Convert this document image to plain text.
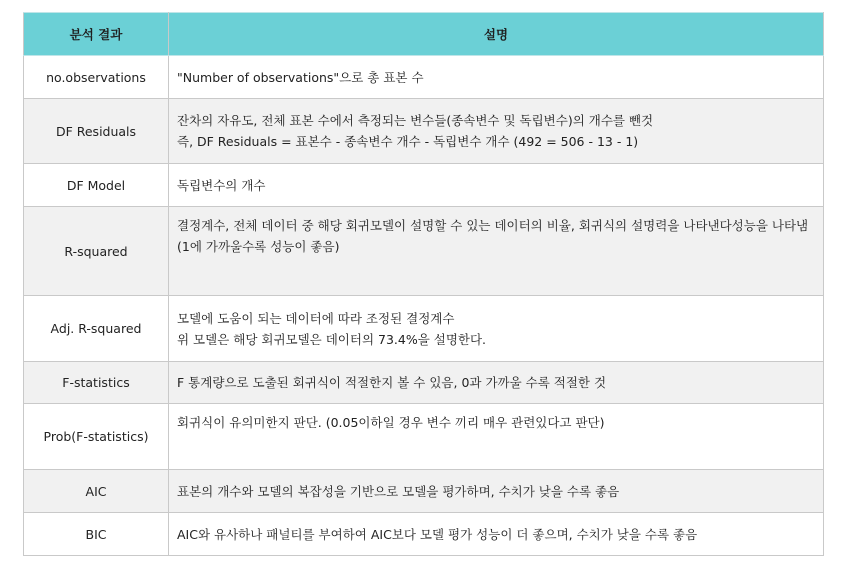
분석 결과	설명
no.observations	"Number of observations"으로 총 표본 수

DF Residuals	잔차의 자유도, 전체 표본 수에서 측정되는 변수들(종속변수 및 독립변수)의 개수를 뺀것
즉, DF Residuals = 표본수 - 종속변수 개수 - 독립변수 개수 (492 = 506 - 13 - 1)

DF Model	독립변수의 개수

R-squared	결정계수, 전체 데이터 중 해당 회귀모델이 설명할 수 있는 데이터의 비율, 회귀식의 설명력을 나타낸다성능을 나타냄(1에 가까울수록 성능이 좋음)

Adj. R-squared	모델에 도움이 되는 데이터에 따라 조정된 결정계수
위 모델은 해당 회귀모델은 데이터의 73.4%을 설명한다.

F-statistics	F 통계량으로 도출된 회귀식이 적절한지 볼 수 있음, 0과 가까울 수록 적절한 것

Prob(F-statistics)	회귀식이 유의미한지 판단. (0.05이하일 경우 변수 끼리 매우 관련있다고 판단)

AIC	표본의 개수와 모델의 복잡성을 기반으로 모델을 평가하며, 수치가 낮을 수록 좋음

BIC	AIC와 유사하나 패널티를 부여하여 AIC보다 모델 평가 성능이 더 좋으며, 수치가 낮을 수록 좋음
